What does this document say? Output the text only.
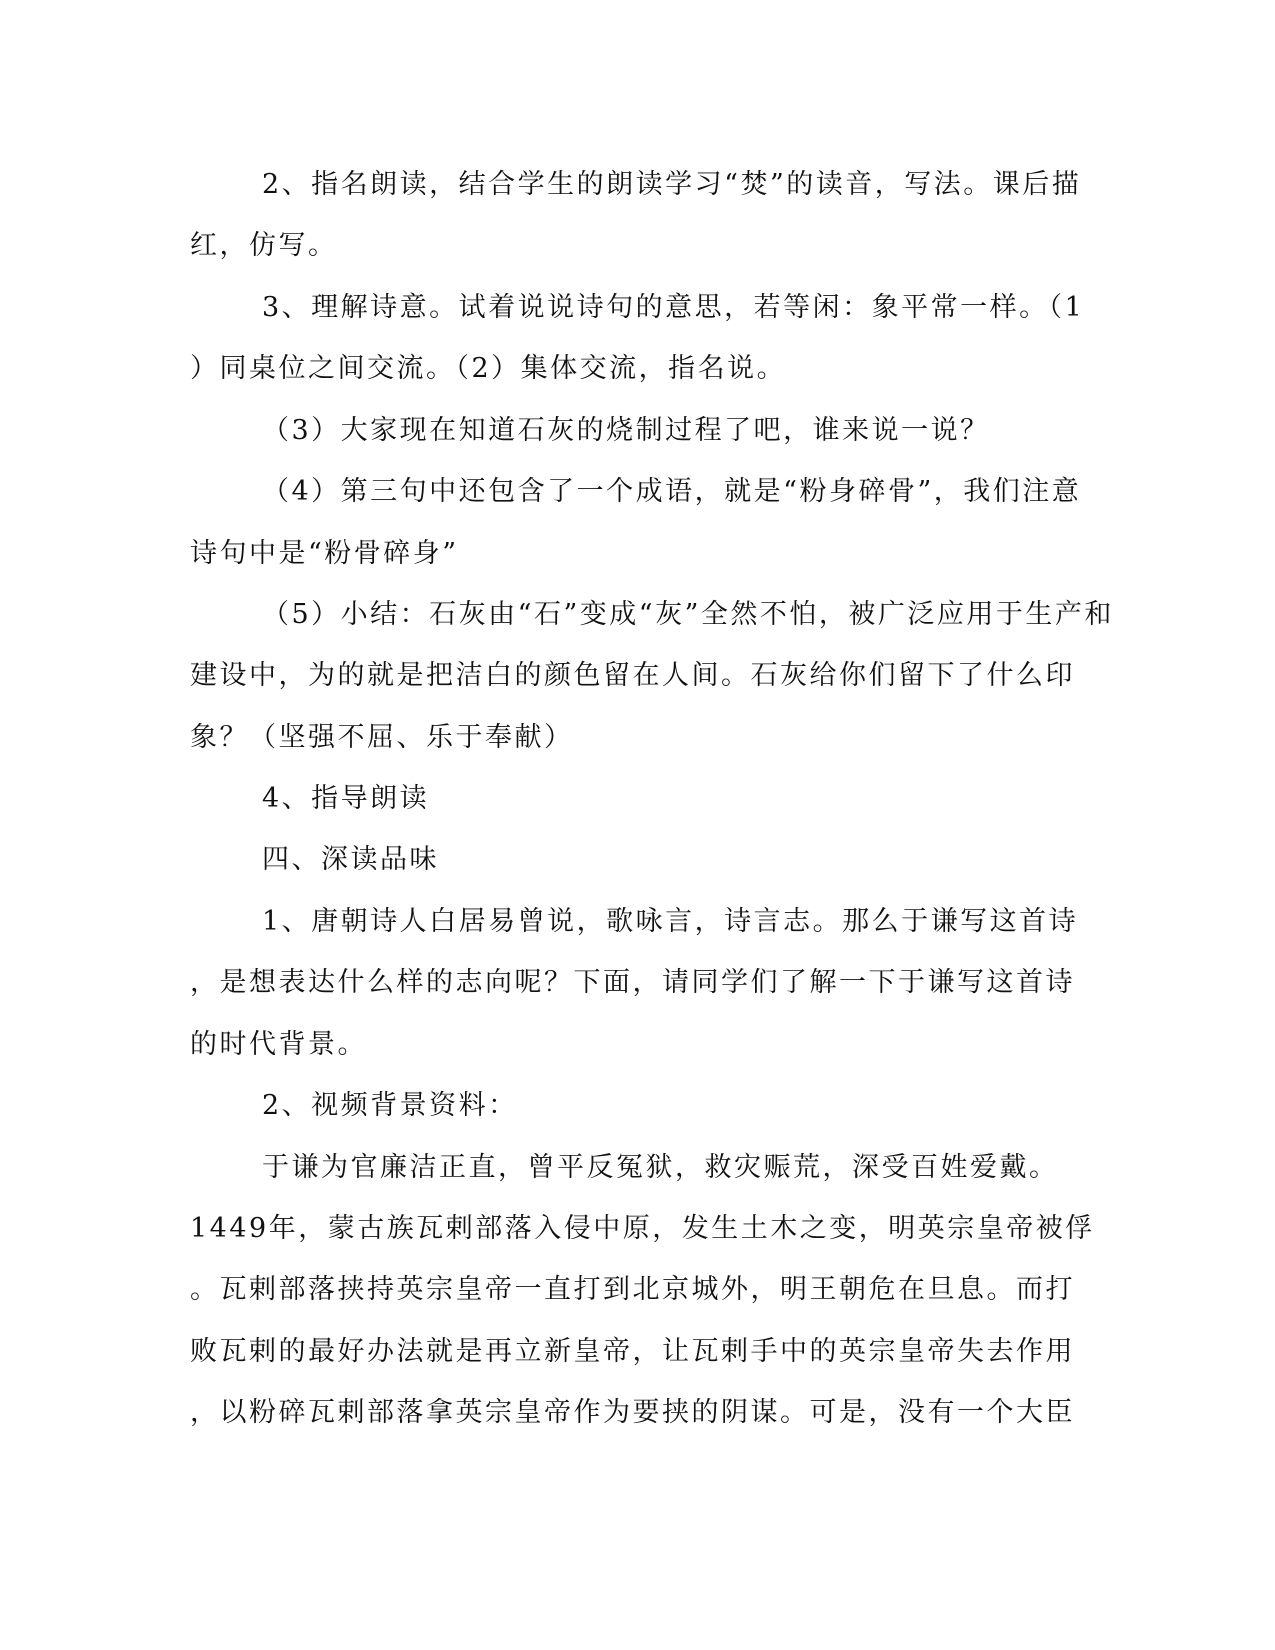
2、指名朗读，结合学生的朗读学习“焚”的读音，写法。课后描
红，仿写。
3、理解诗意。试着说说诗句的意思，若等闲：象平常一样。（1
）同桌位之间交流。（2）集体交流，指名说。
（3）大家现在知道石灰的烧制过程了吧，谁来说一说？
（4）第三句中还包含了一个成语，就是“粉身碎骨”，我们注意
诗句中是“粉骨碎身”
（5）小结：石灰由“石”变成“灰”全然不怕，被广泛应用于生产和
建设中，为的就是把洁白的颜色留在人间。石灰给你们留下了什么印
象？（坚强不屈、乐于奉献）
4、指导朗读
四、深读品味
1、唐朝诗人白居易曾说，歌咏言，诗言志。那么于谦写这首诗
，是想表达什么样的志向呢？下面，请同学们了解一下于谦写这首诗
的时代背景。
2、视频背景资料：
于谦为官廉洁正直，曾平反冤狱，救灾赈荒，深受百姓爱戴。
1449年，蒙古族瓦剌部落入侵中原，发生土木之变，明英宗皇帝被俘
。瓦剌部落挟持英宗皇帝一直打到北京城外，明王朝危在旦息。而打
败瓦剌的最好办法就是再立新皇帝，让瓦剌手中的英宗皇帝失去作用
，以粉碎瓦剌部落拿英宗皇帝作为要挟的阴谋。可是，没有一个大臣
